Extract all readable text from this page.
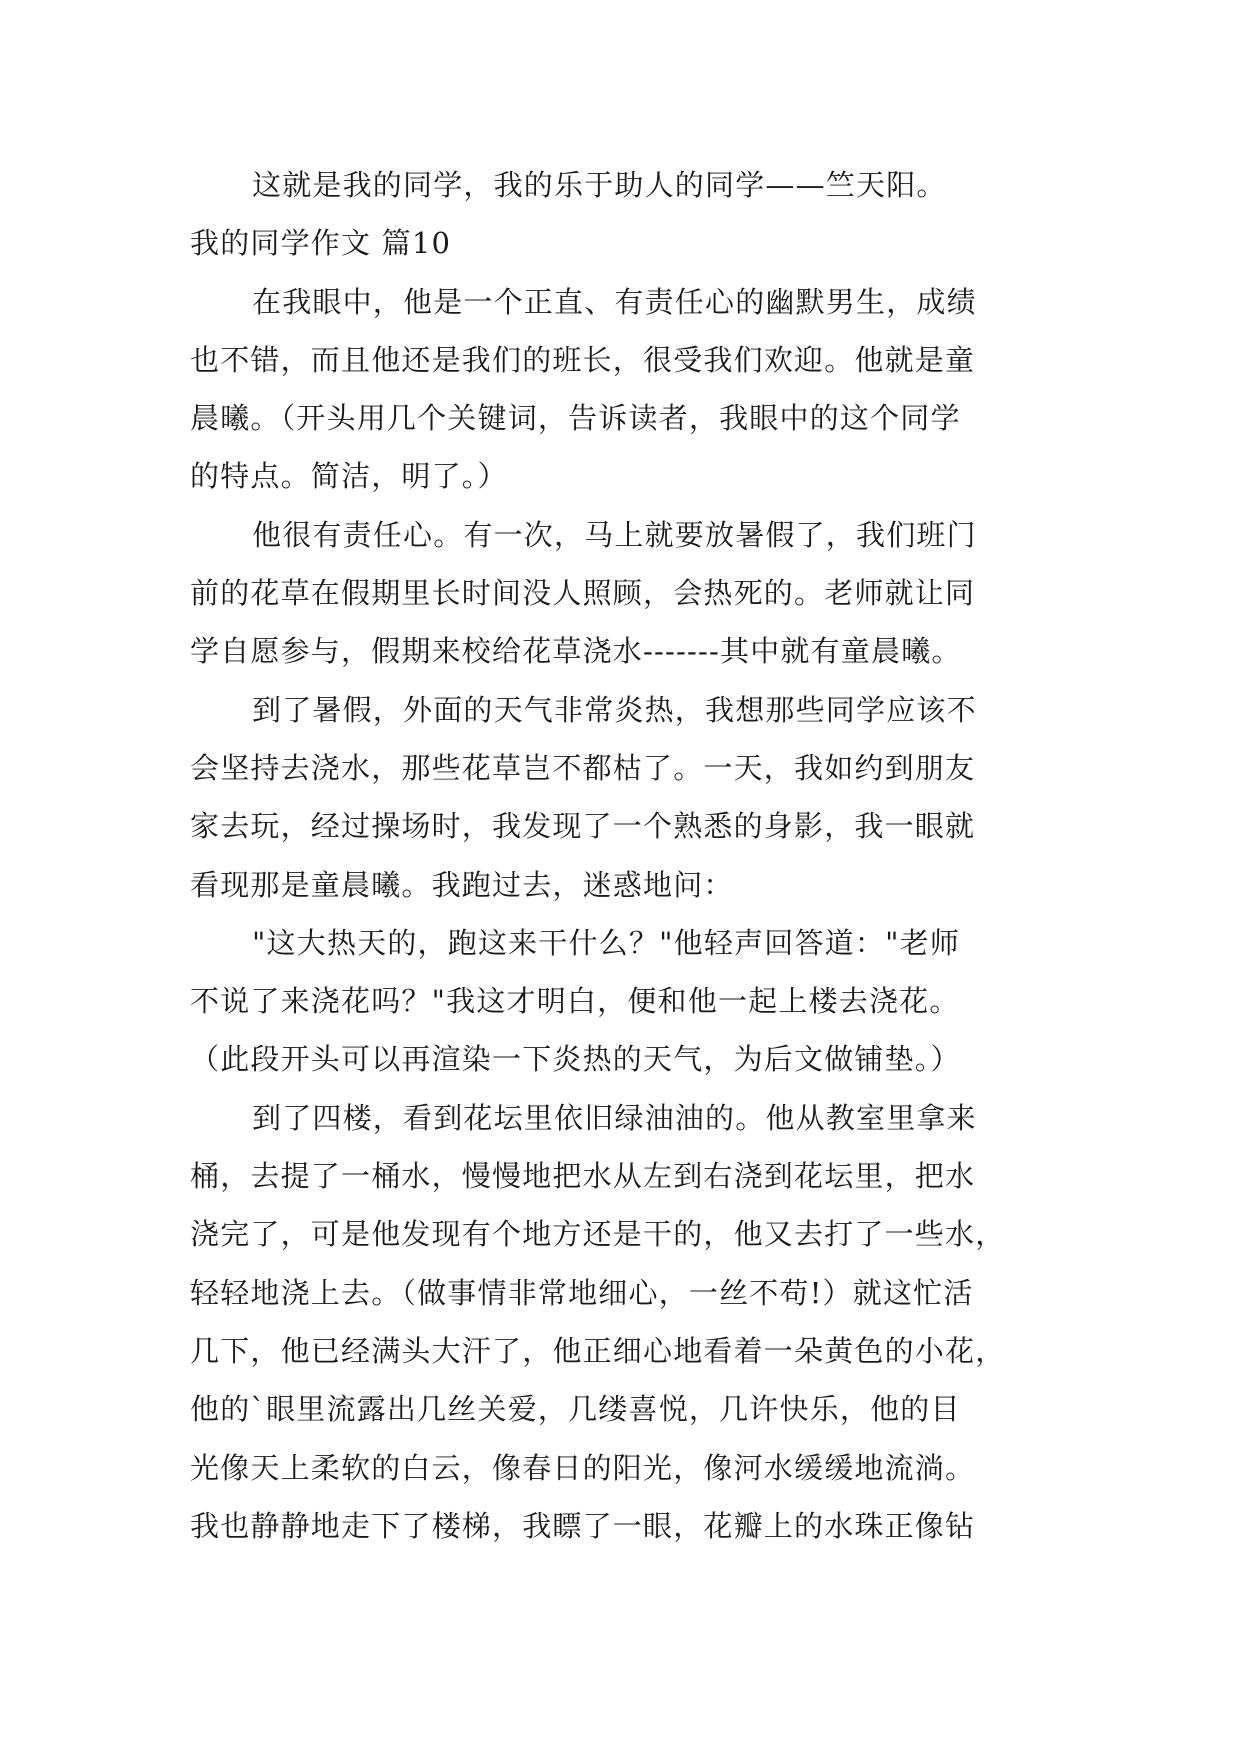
这就是我的同学，我的乐于助人的同学——竺天阳。
我的同学作文 篇10
在我眼中，他是一个正直、有责任心的幽默男生，成绩
也不错，而且他还是我们的班长，很受我们欢迎。他就是童
晨曦。（开头用几个关键词，告诉读者，我眼中的这个同学
的特点。简洁，明了。）
他很有责任心。有一次，马上就要放暑假了，我们班门
前的花草在假期里长时间没人照顾，会热死的。老师就让同
学自愿参与，假期来校给花草浇水-------其中就有童晨曦。
到了暑假，外面的天气非常炎热，我想那些同学应该不
会坚持去浇水，那些花草岂不都枯了。一天，我如约到朋友
家去玩，经过操场时，我发现了一个熟悉的身影，我一眼就
看现那是童晨曦。我跑过去，迷惑地问：
"这大热天的，跑这来干什么？"他轻声回答道："老师
不说了来浇花吗？"我这才明白，便和他一起上楼去浇花。
（此段开头可以再渲染一下炎热的天气，为后文做铺垫。）
到了四楼，看到花坛里依旧绿油油的。他从教室里拿来
桶，去提了一桶水，慢慢地把水从左到右浇到花坛里，把水
浇完了，可是他发现有个地方还是干的，他又去打了一些水，
轻轻地浇上去。（做事情非常地细心，一丝不苟!）就这忙活
几下，他已经满头大汗了，他正细心地看着一朵黄色的小花，
他的`眼里流露出几丝关爱，几缕喜悦，几许快乐，他的目
光像天上柔软的白云，像春日的阳光，像河水缓缓地流淌。
我也静静地走下了楼梯，我瞟了一眼，花瓣上的水珠正像钻
